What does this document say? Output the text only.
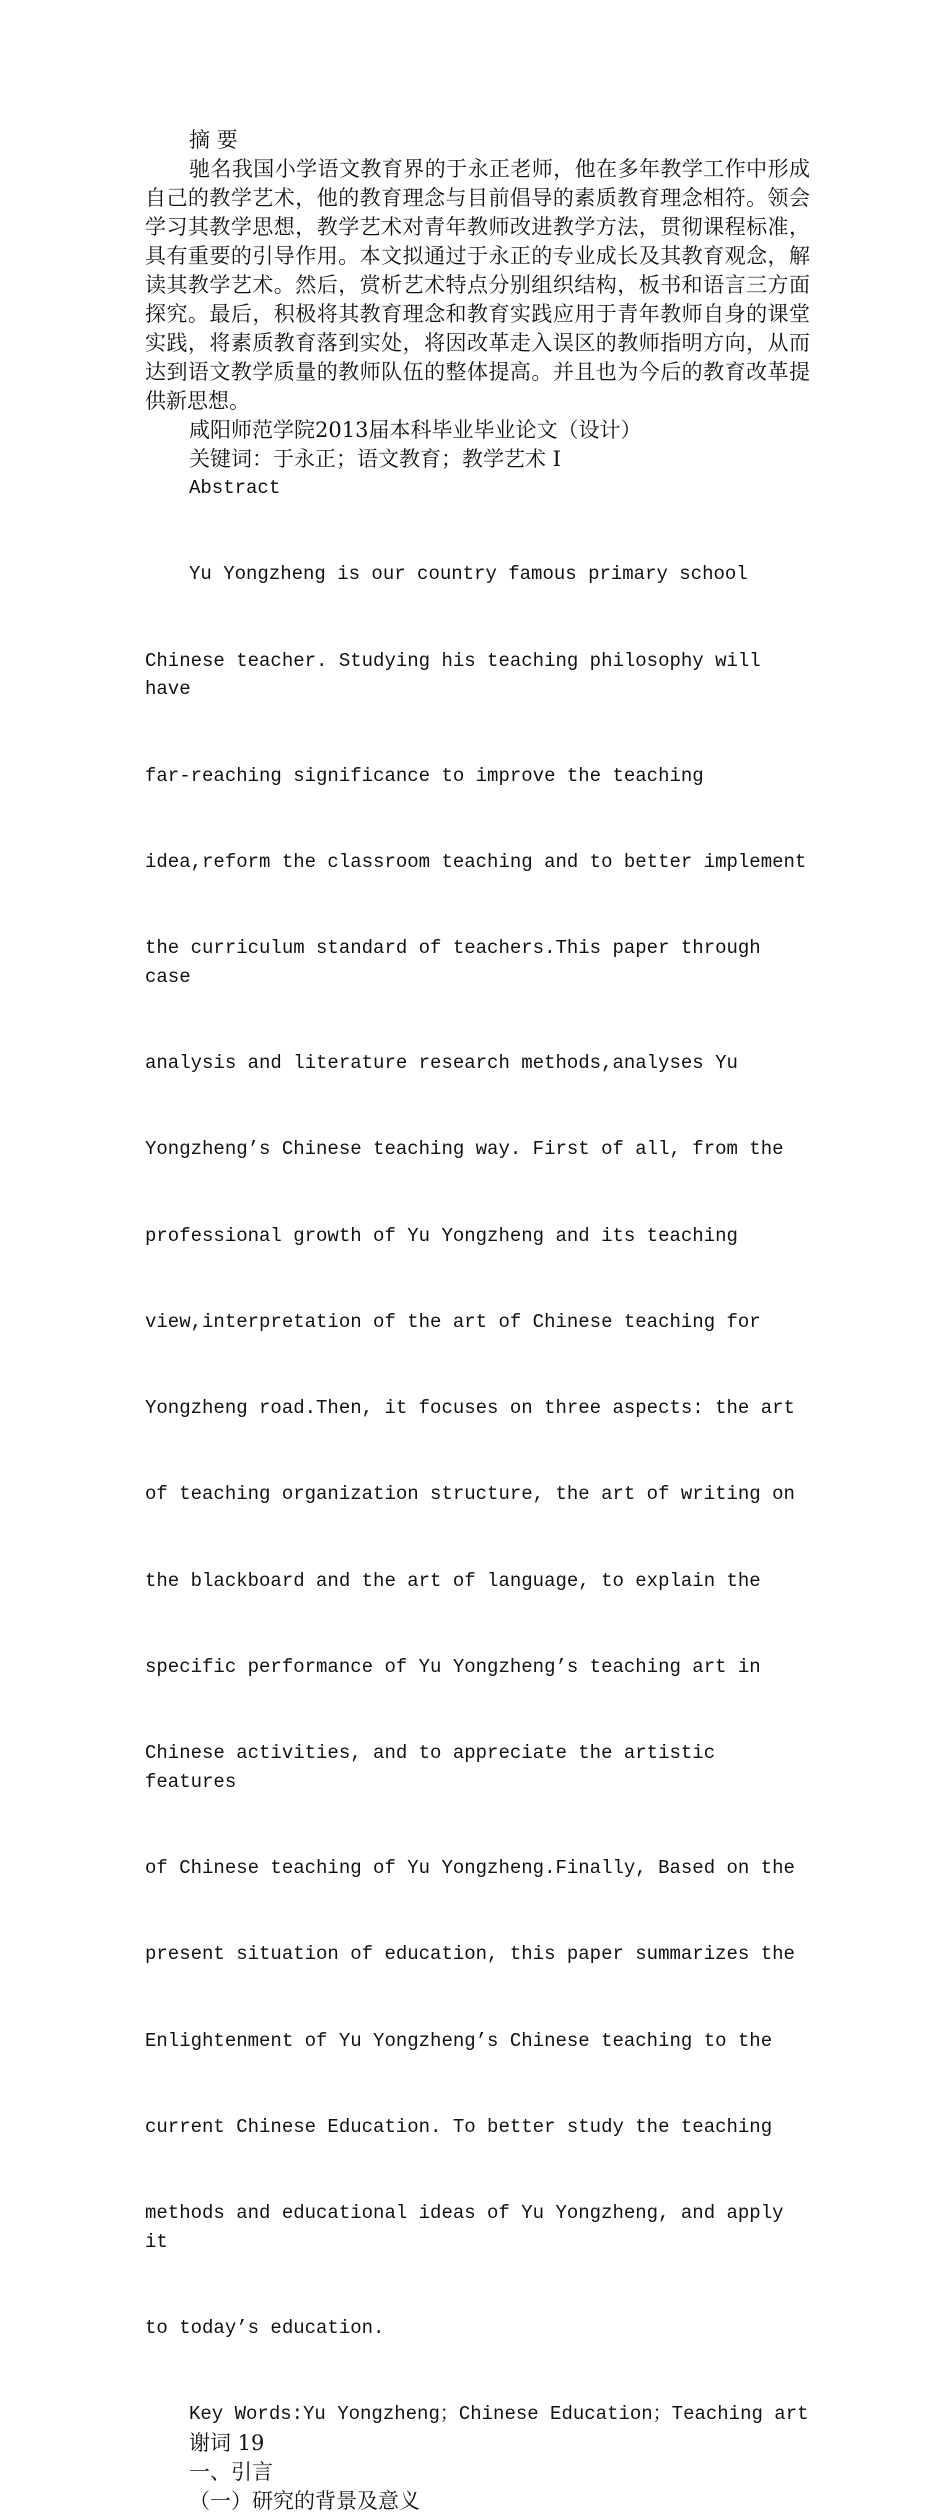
摘 要

驰名我国小学语文教育界的于永正老师，他在多年教学工作中形成自己的教学艺术，他的教育理念与目前倡导的素质教育理念相符。领会学习其教学思想，教学艺术对青年教师改进教学方法，贯彻课程标准，具有重要的引导作用。本文拟通过于永正的专业成长及其教育观念，解读其教学艺术。然后，赏析艺术特点分别组织结构，板书和语言三方面探究。最后，积极将其教育理念和教育实践应用于青年教师自身的课堂实践，将素质教育落到实处，将因改革走入误区的教师指明方向，从而达到语文教学质量的教师队伍的整体提高。并且也为今后的教育改革提供新思想。

咸阳师范学院2013届本科毕业毕业论文（设计）

关键词：于永正；语文教育；教学艺术 I

Abstract

Yu Yongzheng is our country famous primary school

Chinese teacher. Studying his teaching philosophy will have

far-reaching significance to improve the teaching

idea,reform the classroom teaching and to better implement

the curriculum standard of teachers.This paper through case

analysis and literature research methods,analyses Yu

Yongzheng’s Chinese teaching way. First of all, from the

professional growth of Yu Yongzheng and its teaching

view,interpretation of the art of Chinese teaching for

Yongzheng road.Then, it focuses on three aspects: the art

of teaching organization structure, the art of writing on

the blackboard and the art of language, to explain the

specific performance of Yu Yongzheng’s teaching art in

Chinese activities, and to appreciate the artistic features

of Chinese teaching of Yu Yongzheng.Finally, Based on the

present situation of education, this paper summarizes the

Enlightenment of Yu Yongzheng’s Chinese teaching to the

current Chinese Education. To better study the teaching

methods and educational ideas of Yu Yongzheng, and apply it

to today’s education.

Key Words:Yu Yongzheng；Chinese Education；Teaching art

谢词 19

一、引言

（一）研究的背景及意义
